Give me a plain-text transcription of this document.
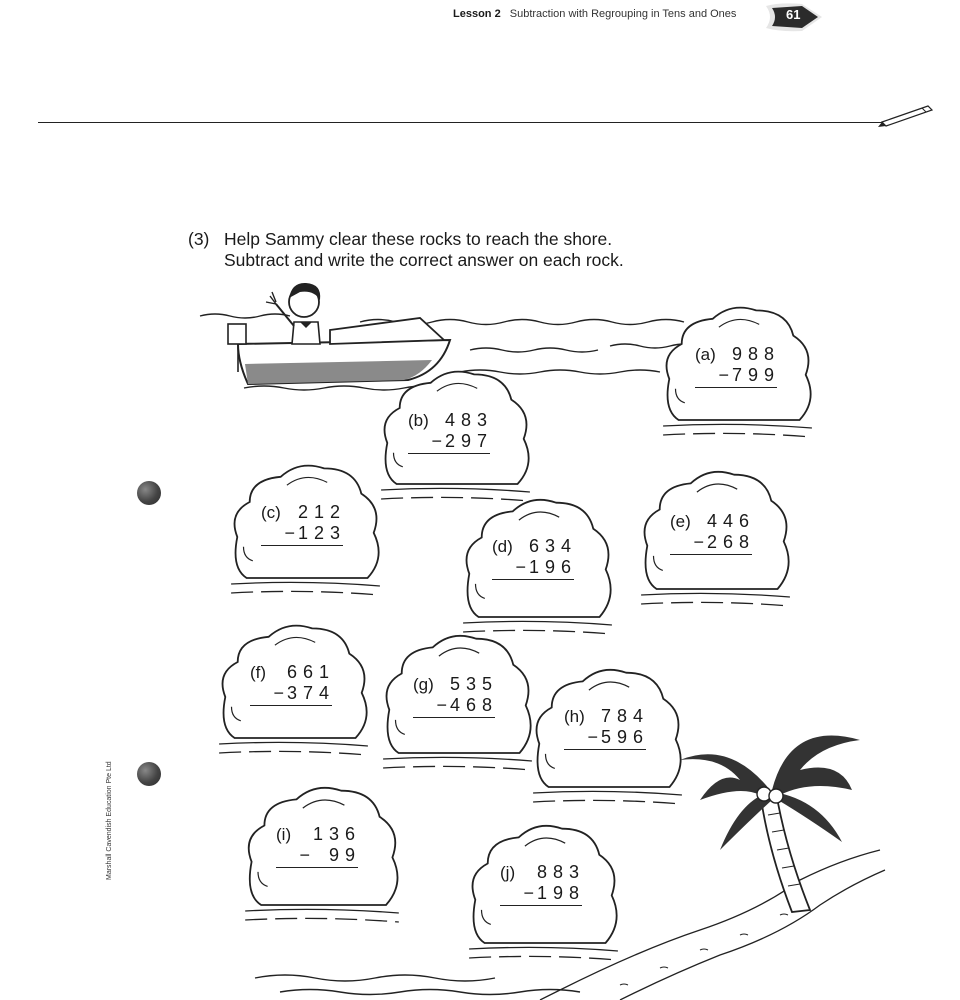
Lesson 2 Subtraction with Regrouping in Tens and Ones	61
(3) Help Sammy clear these rocks to reach the shore.
Subtract and write the correct answer on each rock.
Marshall Cavendish Education Pte Ltd
(a) 9 8 8
− 7 9 9
(b) 4 8 3
− 2 9 7
(c) 2 1 2
− 1 2 3
(d) 6 3 4
− 1 9 6
(e) 4 4 6
− 2 6 8
(f)	6 6 1
− 3 7 4	(g) 5 3 5
− 4 6 8
(h) 7 8 4
− 5 9 6
(i)	1 3 6
− 9 9
(j)	8 8 3
− 1 9 8
